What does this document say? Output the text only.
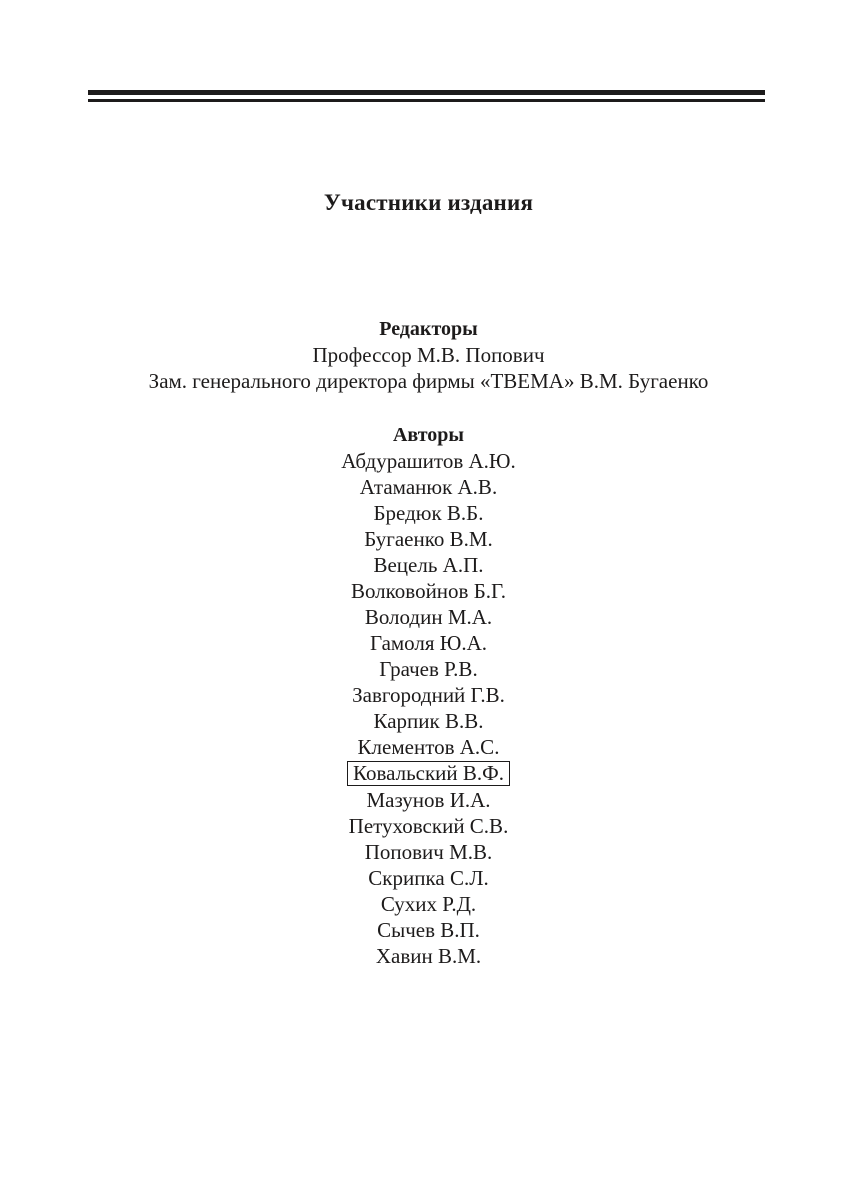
Участники издания
Редакторы
Профессор М.В. Попович
Зам. генерального директора фирмы «ТВЕМА» В.М. Бугаенко
Авторы
Абдурашитов А.Ю.
Атаманюк А.В.
Бредюк В.Б.
Бугаенко В.М.
Вецель А.П.
Волковойнов Б.Г.
Володин М.А.
Гамоля Ю.А.
Грачев Р.В.
Завгородний Г.В.
Карпик В.В.
Клементов А.С.
Ковальский В.Ф.
Мазунов И.А.
Петуховский С.В.
Попович М.В.
Скрипка С.Л.
Сухих Р.Д.
Сычев В.П.
Хавин В.М.
